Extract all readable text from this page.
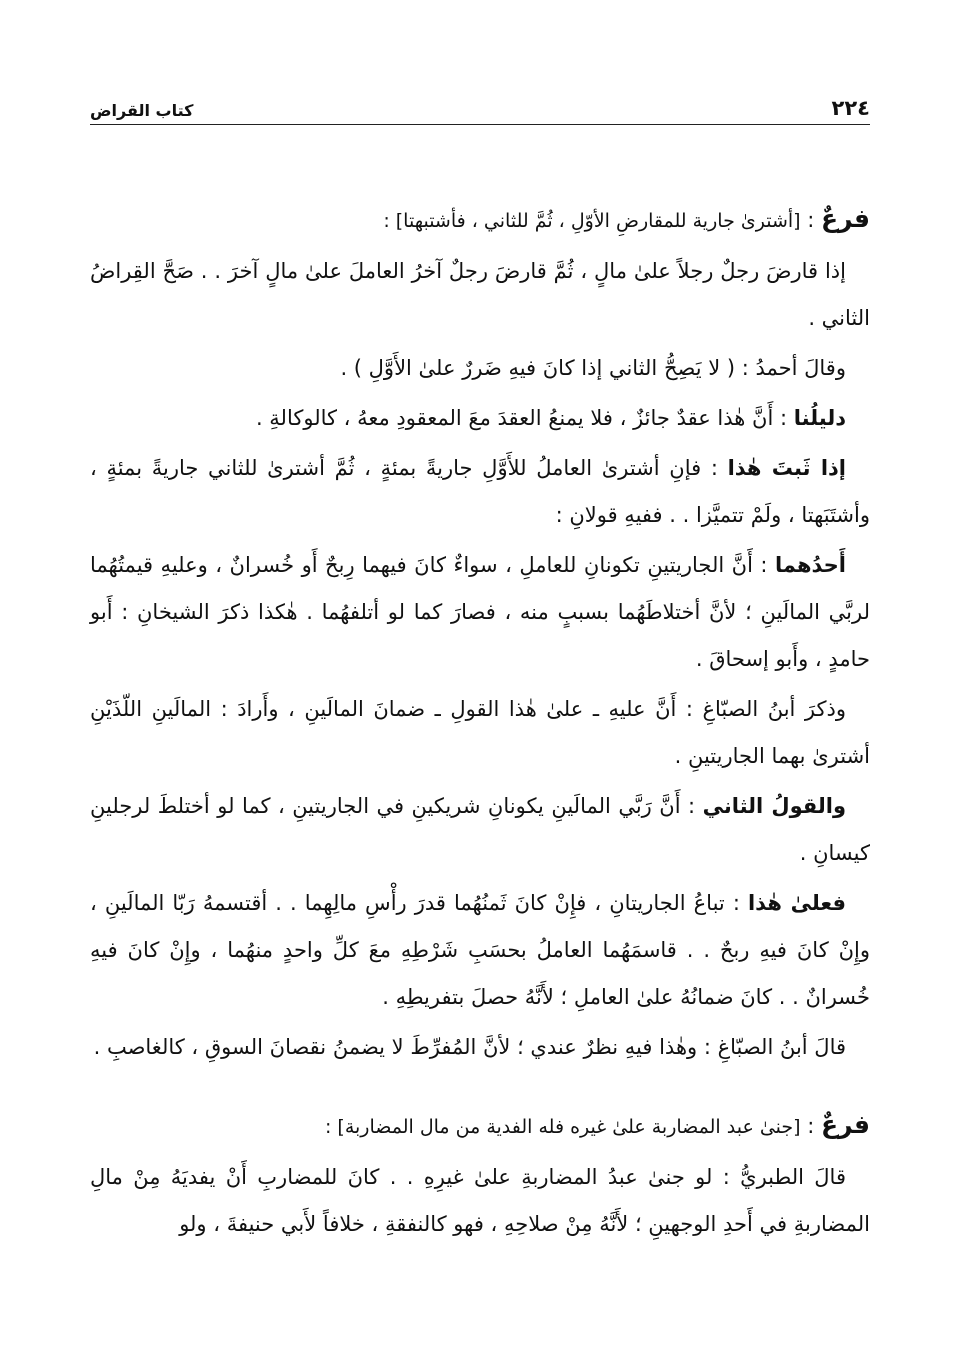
٢٢٤
كتاب القراض

فرعٌ : [أشترىٰ جارية للمقارضِ الأوّلِ ، ثُمَّ للثاني ، فأشتبهتا] :

إذا قارضَ رجلٌ رجلاً علىٰ مالٍ ، ثُمَّ قارضَ رجلٌ آخرُ العاملَ علىٰ مالٍ آخرَ . . صَحَّ القِراضُ الثاني .

وقالَ أحمدُ : ( لا يَصِحُّ الثاني إذا كانَ فيهِ ضَررٌ علىٰ الأَوَّلِ ) .

دليلُنا : أَنَّ هٰذا عقدٌ جائزٌ ، فلا يمنعُ العقدَ معَ المعقودِ معهُ ، كالوكالةِ .

إذا ثَبتَ هٰذا : فإنِ أشترىٰ العاملُ للأَوَّلِ جاريةً بمئةٍ ، ثُمَّ أشترىٰ للثاني جاريةً بمئةٍ ، وأشتَبَهتا ، ولَمْ تتميَّزا . . ففيهِ قولانِ :

أَحدُهما : أَنَّ الجاريتينِ تكونانِ للعاملِ ، سواءٌ كانَ فيهما رِبحٌ أَو خُسرانٌ ، وعليهِ قيمتُهُما لربَّي المالَينِ ؛ لأنَّ أختلاطَهُما بسببٍ منه ، فصارَ كما لو أتلفهُما . هٰكذا ذكرَ الشيخانِ : أَبو حامدٍ ، وأَبو إسحاقَ .

وذكرَ أبنُ الصبّاغِ : أَنَّ عليهِ ـ علىٰ هٰذا القولِ ـ ضمانَ المالَينِ ، وأَرادَ : المالَينِ اللّذَيْنِ أشترىٰ بهما الجاريتينِ .

والقولُ الثاني : أَنَّ رَبَّي المالَينِ يكونانِ شريكينِ في الجاريتينِ ، كما لو أختلطَ لرجلينِ كيسانِ .

فعلىٰ هٰذا : تباعُ الجاريتانِ ، فإِنْ كانَ ثَمنُهُما قدرَ رأْسِ مالِهِما . . أقتسمهُ رَبّا المالَينِ ، وإِنْ كانَ فيهِ ربحٌ . . قاسمَهُما العاملُ بحسَبِ شَرْطِهِ معَ كلِّ واحدٍ منهُما ، وإِنْ كانَ فيهِ خُسرانٌ . . كانَ ضمانُهُ علىٰ العاملِ ؛ لأَنَّهُ حصلَ بتفريطِهِ .

قالَ أبنُ الصبّاغِ : وهٰذا فيهِ نظرٌ عندي ؛ لأنَّ المُفرِّطَ لا يضمنُ نقصانَ السوقِ ، كالغاصبِ .

فرعٌ : [جنىٰ عبد المضاربة علىٰ غيره فله الفدية من مال المضاربة] :

قالَ الطبريُّ : لو جنىٰ عبدُ المضاربةِ علىٰ غيرِهِ . . كانَ للمضاربِ أَنْ يفديَهُ مِنْ مالِ المضاربةِ في أَحدِ الوجهينِ ؛ لأَنَّهُ مِنْ صلاحِهِ ، فهو كالنفقةِ ، خلافاً لأَبي حنيفةَ ، ولو
